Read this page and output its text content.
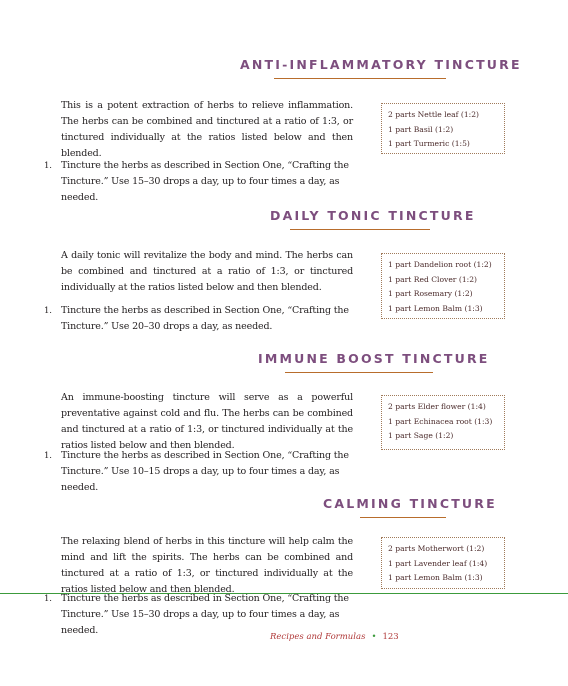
ANTI-INFLAMMATORY TINCTURE

This is a potent extraction of herbs to relieve inflammation. The herbs can be combined and tinctured at a ratio of 1:3, or tinctured individually at the ratios listed below and then blended.

1. Tincture the herbs as described in Section One, “Crafting the Tincture.” Use 15–30 drops a day, up to four times a day, as needed.
2 parts Nettle leaf (1:2)
1 part Basil (1:2)
1 part Turmeric (1:5)
DAILY TONIC TINCTURE

A daily tonic will revitalize the body and mind. The herbs can be combined and tinctured at a ratio of 1:3, or tinctured individually at the ratios listed below and then blended.

1. Tincture the herbs as described in Section One, “Crafting the Tincture.” Use 20–30 drops a day, as needed.
1 part Dandelion root (1:2)
1 part Red Clover (1:2)
1 part Rosemary (1:2)
1 part Lemon Balm (1:3)
IMMUNE BOOST TINCTURE

An immune-boosting tincture will serve as a powerful preventative against cold and flu. The herbs can be combined and tinctured at a ratio of 1:3, or tinctured individually at the ratios listed below and then blended.

1. Tincture the herbs as described in Section One, “Crafting the Tincture.” Use 10–15 drops a day, up to four times a day, as needed.
2 parts Elder flower (1:4)
1 part Echinacea root (1:3)
1 part Sage (1:2)
CALMING TINCTURE

The relaxing blend of herbs in this tincture will help calm the mind and lift the spirits. The herbs can be combined and tinctured at a ratio of 1:3, or tinctured individually at the ratios listed below and then blended.

1. Tincture the herbs as described in Section One, “Crafting the Tincture.” Use 15–30 drops a day, up to four times a day, as needed.
2 parts Motherwort (1:2)
1 part Lavender leaf (1:4)
1 part Lemon Balm (1:3)
Recipes and Formulas • 123
